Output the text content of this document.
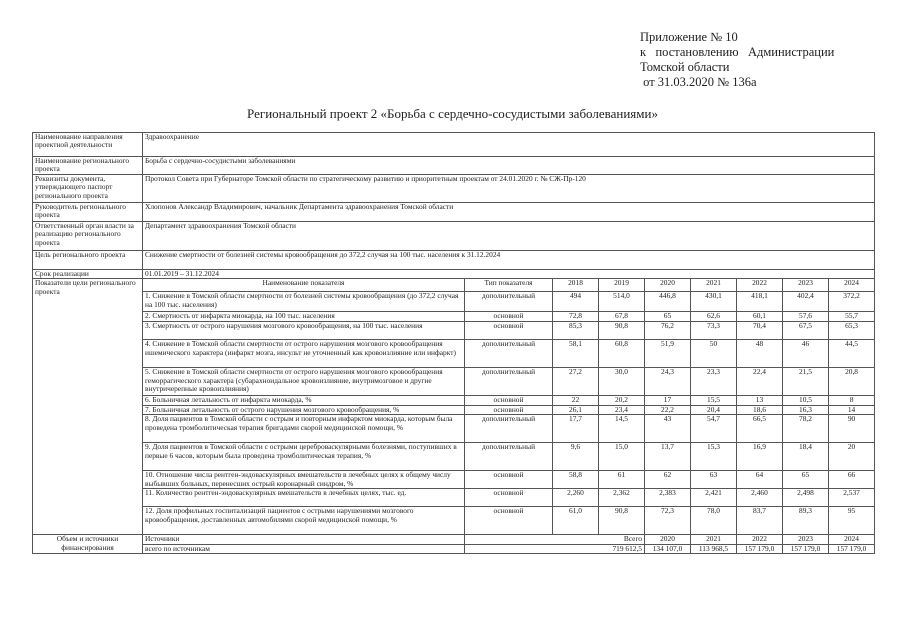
Приложение № 10
к   постановлению   Администрации
Томской области
от 31.03.2020 № 136а
Региональный проект 2 «Борьба с сердечно-сосудистыми заболеваниями»
Наименование направления проектной деятельности	Здравоохранение								
Наименование регионального проекта	Борьба с сердечно-сосудистыми заболеваниями								
Реквизиты документа, утверждающего паспорт регионального проекта	Протокол Совета при Губернаторе Томской области по стратегическому развитию и приоритетным проектам от 24.01.2020 г. № СЖ-Пр-120								
Руководитель регионального проекта	Хлопонов Александр Владимирович, начальник Департамента здравоохранения Томской области								
Ответственный орган власти за реализацию регионального проекта	Департамент здравоохранения Томской области								
Цель регионального проекта	Снижение смертности от болезней системы кровообращения до 372,2 случая на 100 тыс. населения к 31.12.2024								
Срок реализации	01.01.2019 – 31.12.2024								
Показатели цели регионального проекта	Наименование показателя	Тип показателя	2018	2019	2020	2021	2022	2023	2024
	1. Снижение в Томской области смертности от болезней системы кровообращения (до 372,2 случая на 100 тыс. населения)	дополнительный	494	514,0	446,8	430,1	418,1	402,4	372,2
	2. Смертность от инфаркта миокарда, на 100 тыс. населения	основной	72,8	67,8	65	62,6	60,1	57,6	55,7
	3. Смертность от острого нарушения мозгового кровообращения, на 100 тыс. населения	основной	85,3	90,8	76,2	73,3	70,4	67,5	65,3
	4. Снижение в Томской области смертности от острого нарушения мозгового кровообращения ишемического характера (инфаркт мозга, инсульт не уточненный как кровоизлияние или инфаркт)	дополнительный	58,1	60,8	51,9	50	48	46	44,5
	5. Снижение в Томской области смертности от острого нарушения мозгового кровообращения геморрагического характера (субарахноидальное кровоизлияние, внутримозговое и другие внутричерепные кровоизлияния)	дополнительный	27,2	30,0	24,3	23,3	22,4	21,5	20,8
	6. Больничная летальность от инфаркта миокарда, %	основной	22	20,2	17	15,5	13	10,5	8
	7. Больничная летальность от острого нарушения мозгового кровообращения, %	основной	26,1	23,4	22,2	20,4	18,6	16,3	14
	8. Доля пациентов в Томской области с острым и повторным инфарктом миокарда, которым была проведена тромболитическая терапия бригадами скорой медицинской помощи, %	дополнительный	17,7	14,5	43	54,7	66,5	78,2	90
	9. Доля пациентов в Томской области с острыми цереброваскулярными болезнями, поступивших в первые 6 часов, которым была проведена тромболитическая терапия, %	дополнительный	9,6	15,0	13,7	15,3	16,9	18,4	20
	10. Отношение числа рентген-эндоваскулярных вмешательств в лечебных целях к общему числу выбывших больных, перенесших острый коронарный синдром, %	основной	58,8	61	62	63	64	65	66
	11. Количество рентген-эндоваскулярных вмешательств в лечебных целях, тыс. ед.	основной	2,260	2,362	2,383	2,421	2,460	2,498	2,537
	12. Доля профильных госпитализаций пациентов с острыми нарушениями мозгового кровообращения, доставленных автомобилями скорой медицинской помощи, %	основной	61,0	90,8	72,3	78,0	83,7	89,3	95
Объем и источники финансирования	Источники	Всего			2020	2021	2022	2023	2024
	всего по источникам	719 612,5			134 107,0	113 968,5	157 179,0	157 179,0	157 179,0
